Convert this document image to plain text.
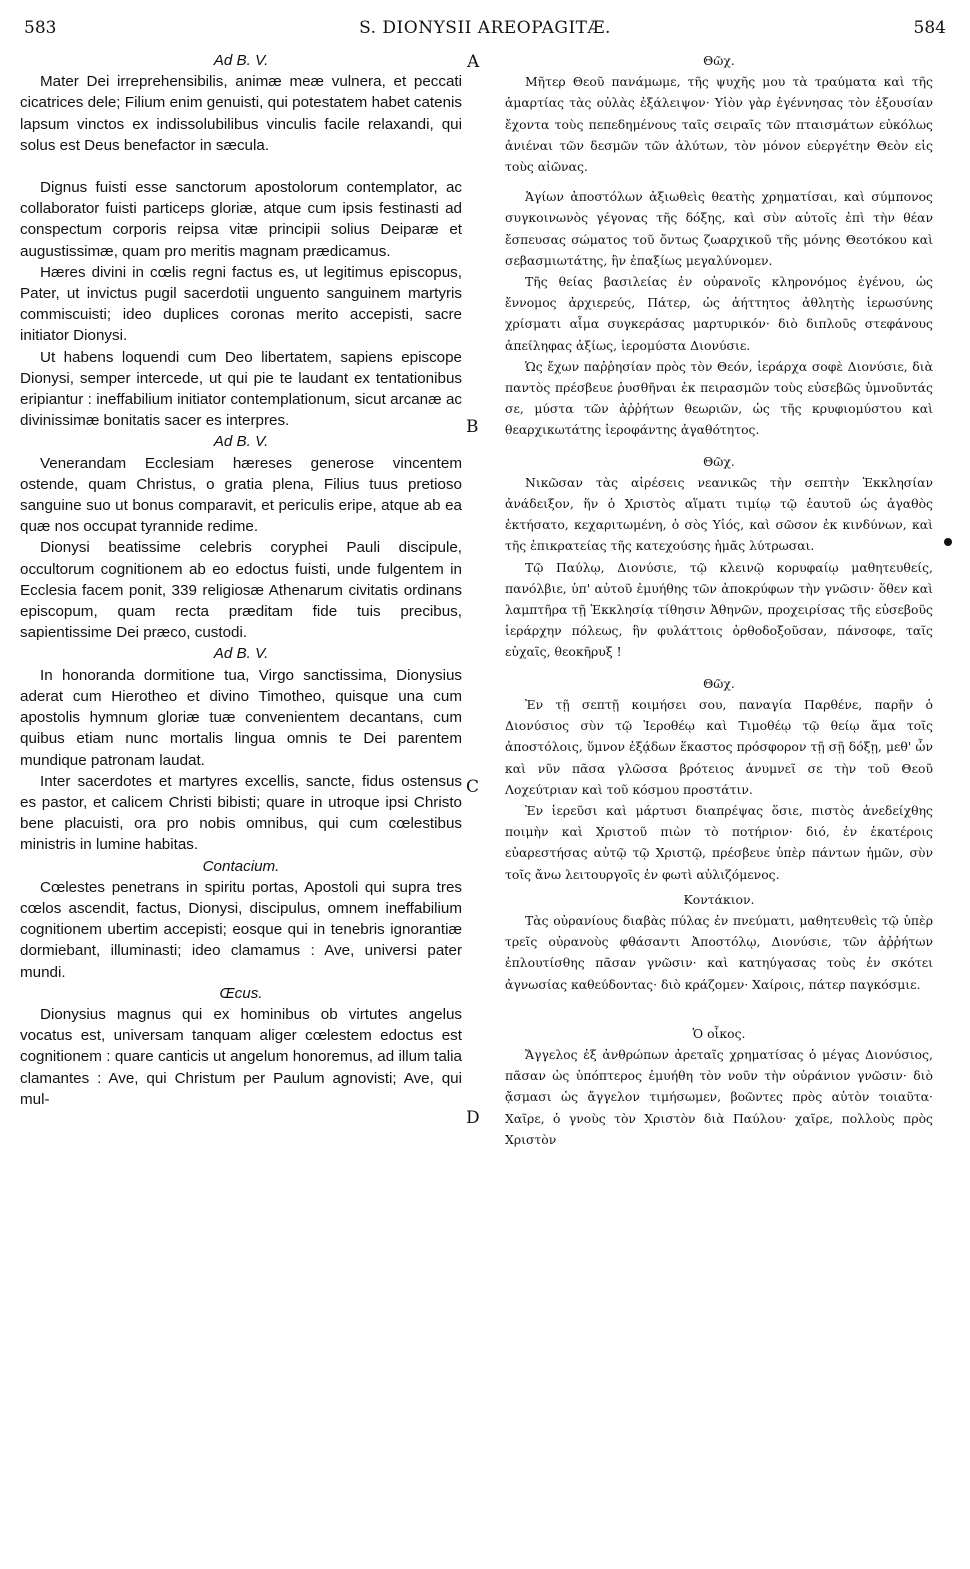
583	S. DIONYSII AREOPAGITÆ.	584
A
B
C
D

Ad B. V.

Mater Dei irreprehensibilis, animæ meæ vulnera, et peccati cicatrices dele; Filium enim genuisti, qui potestatem habet catenis lapsum vinctos ex indissolubilibus vinculis facile relaxandi, qui solus est Deus benefactor in sæcula.

Dignus fuisti esse sanctorum apostolorum contemplator, ac collaborator fuisti particeps gloriæ, atque cum ipsis festinasti ad conspectum corporis reipsa vitæ principii solius Deiparæ et augustissimæ, quam pro meritis magnam prædicamus.

Hæres divini in cœlis regni factus es, ut legitimus episcopus, Pater, ut invictus pugil sacerdotii unguento sanguinem martyris commiscuisti; ideo duplices coronas merito accepisti, sacre initiator Dionysi.

Ut habens loquendi cum Deo libertatem, sapiens episcope Dionysi, semper intercede, ut qui pie te laudant ex tentationibus eripiantur : ineffabilium initiator contemplationum, sicut arcanæ ac divinissimæ bonitatis sacer es interpres.

Ad B. V.

Venerandam Ecclesiam hæreses generose vincentem ostende, quam Christus, o gratia plena, Filius tuus pretioso sanguine suo ut bonus comparavit, et periculis eripe, atque ab ea quæ nos occupat tyrannide redime.

Dionysi beatissime celebris coryphei Pauli discipule, occultorum cognitionem ab eo edoctus fuisti, unde fulgentem in Ecclesia facem ponit, 339 religiosæ Athenarum civitatis ordinans episcopum, quam recta præditam fide tuis precibus, sapientissime Dei præco, custodi.

Ad B. V.

In honoranda dormitione tua, Virgo sanctissima, Dionysius aderat cum Hierotheo et divino Timotheo, quisque una cum apostolis hymnum gloriæ tuæ convenientem decantans, cum quibus etiam nunc mortalis lingua omnis te Dei parentem mundique patronam laudat.

Inter sacerdotes et martyres excellis, sancte, fidus ostensus es pastor, et calicem Christi bibisti; quare in utroque ipsi Christo bene placuisti, ora pro nobis omnibus, qui cum cœlestibus ministris in lumine habitas.

Contacium.

Cœlestes penetrans in spiritu portas, Apostoli qui supra tres cœlos ascendit, factus, Dionysi, discipulus, omnem ineffabilium cognitionem ubertim accepisti; eosque qui in tenebris ignorantiæ dormiebant, illuminasti; ideo clamamus : Ave, universi pater mundi.

Œcus.

Dionysius magnus qui ex hominibus ob virtutes angelus vocatus est, universam tanquam aliger cœlestem edoctus est cognitionem : quare canticis ut angelum honoremus, ad illum talia clamantes : Ave, qui Christum per Paulum agnovisti; Ave, qui mul-

Θῶχ.

Μῆτερ Θεοῦ πανάμωμε, τῆς ψυχῆς μου τὰ τραύματα καὶ τῆς ἁμαρτίας τὰς οὐλὰς ἐξάλειψον· Υἱὸν γὰρ ἐγέννησας τὸν ἐξουσίαν ἔχοντα τοὺς πεπεδημένους ταῖς σειραῖς τῶν πταισμάτων εὐκόλως ἀνιέναι τῶν δεσμῶν τῶν ἀλύτων, τὸν μόνον εὐεργέτην Θεὸν εἰς τοὺς αἰῶνας.

Ἁγίων ἀποστόλων ἀξιωθεὶς θεατὴς χρηματίσαι, καὶ σύμπονος συγκοινωνὸς γέγονας τῆς δόξης, καὶ σὺν αὐτοῖς ἐπὶ τὴν θέαν ἔσπευσας σώματος τοῦ ὄντως ζωαρχικοῦ τῆς μόνης Θεοτόκου καὶ σεβασμιωτάτης, ἣν ἐπαξίως μεγαλύνομεν.

Τῆς θείας βασιλείας ἐν οὐρανοῖς κληρονόμος ἐγένου, ὡς ἔννομος ἀρχιερεύς, Πάτερ, ὡς ἀήττητος ἀθλητὴς ἱερωσύνης χρίσματι αἷμα συγκεράσας μαρτυρικόν· διὸ διπλοῦς στεφάνους ἀπείληφας ἀξίως, ἱερομύστα Διονύσιε.

Ὡς ἔχων παῤῥησίαν πρὸς τὸν Θεόν, ἱεράρχα σοφὲ Διονύσιε, διὰ παντὸς πρέσβευε ῥυσθῆναι ἐκ πειρασμῶν τοὺς εὐσεβῶς ὑμνοῦντάς σε, μύστα τῶν ἀῤῥήτων θεωριῶν, ὡς τῆς κρυφιομύστου καὶ θεαρχικωτάτης ἱεροφάντης ἀγαθότητος.

Θῶχ.

Νικῶσαν τὰς αἱρέσεις νεανικῶς τὴν σεπτὴν Ἐκκλησίαν ἀνάδειξον, ἥν ὁ Χριστὸς αἵματι τιμίῳ τῷ ἑαυτοῦ ὡς ἀγαθὸς ἐκτήσατο, κεχαριτωμένη, ὁ σὸς Υἱός, καὶ σῶσον ἐκ κινδύνων, καὶ τῆς ἐπικρατείας τῆς κατεχούσης ἡμᾶς λύτρωσαι.

Τῷ Παύλῳ, Διονύσιε, τῷ κλεινῷ κορυφαίῳ μαθητευθείς, πανόλβιε, ὑπ' αὐτοῦ ἐμυήθης τῶν ἀποκρύφων τὴν γνῶσιν· ὅθεν καὶ λαμπτῆρα τῇ Ἐκκλησίᾳ τίθησιν Ἀθηνῶν, προχειρίσας τῆς εὐσεβοῦς ἱεράρχην πόλεως, ἣν φυλάττοις ὀρθοδοξοῦσαν, πάνσοφε, ταῖς εὐχαῖς, θεοκῆρυξ !

Θῶχ.

Ἐν τῇ σεπτῇ κοιμήσει σου, παναγία Παρθένε, παρῆν ὁ Διονύσιος σὺν τῷ Ἱεροθέῳ καὶ Τιμοθέῳ τῷ θείῳ ἅμα τοῖς ἀποστόλοις, ὕμνον ἐξᾴδων ἕκαστος πρόσφορον τῇ σῇ δόξῃ, μεθ' ὧν καὶ νῦν πᾶσα γλῶσσα βρότειος ἀνυμνεῖ σε τὴν τοῦ Θεοῦ Λοχεύτριαν καὶ τοῦ κόσμου προστάτιν.

Ἐν ἱερεῦσι καὶ μάρτυσι διαπρέψας ὅσιε, πιστὸς ἀνεδείχθης ποιμὴν καὶ Χριστοῦ πιὼν τὸ ποτήριον· διό, ἐν ἑκατέροις εὐαρεστήσας αὐτῷ τῷ Χριστῷ, πρέσβευε ὑπὲρ πάντων ἡμῶν, σὺν τοῖς ἄνω λειτουργοῖς ἐν φωτὶ αὐλιζόμενος.

Κοντάκιον.

Τὰς οὐρανίους διαβὰς πύλας ἐν πνεύματι, μαθητευθεὶς τῷ ὑπὲρ τρεῖς οὐρανοὺς φθάσαντι Ἀποστόλῳ, Διονύσιε, τῶν ἀῤῥήτων ἐπλουτίσθης πᾶσαν γνῶσιν· καὶ κατηύγασας τοὺς ἐν σκότει ἀγνωσίας καθεύδοντας· διὸ κράζομεν· Χαίροις, πάτερ παγκόσμιε.

Ὁ οἶκος.

Ἄγγελος ἐξ ἀνθρώπων ἀρεταῖς χρηματίσας ὁ μέγας Διονύσιος, πᾶσαν ὡς ὑπόπτερος ἐμυήθη τὸν νοῦν τὴν οὐράνιον γνῶσιν· διὸ ᾄσμασι ὡς ἄγγελον τιμήσωμεν, βοῶντες πρὸς αὐτὸν τοιαῦτα· Χαῖρε, ὁ γνοὺς τὸν Χριστὸν διὰ Παύλου· χαῖρε, πολλοὺς πρὸς Χριστὸν
